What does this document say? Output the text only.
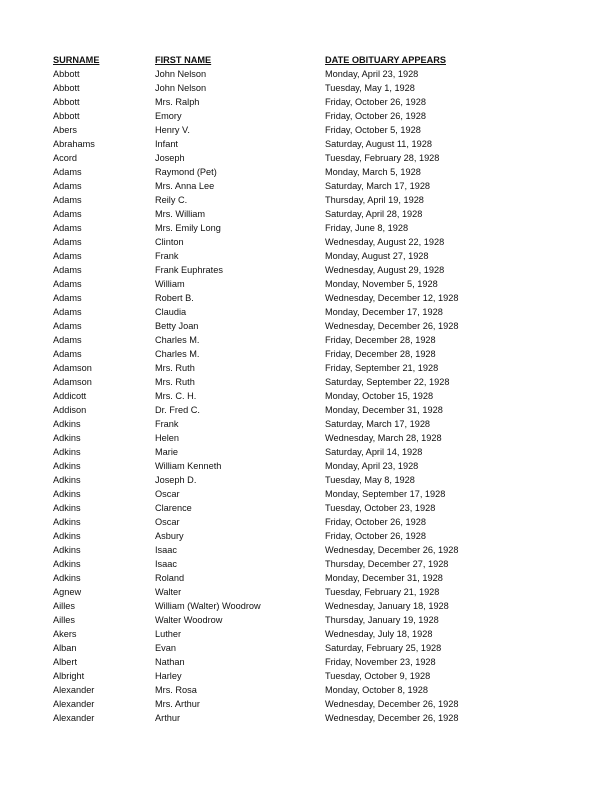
SURNAME	FIRST NAME	DATE OBITUARY APPEARS
Abbott	John Nelson	Monday, April 23, 1928
Abbott	John Nelson	Tuesday, May 1, 1928
Abbott	Mrs. Ralph	Friday, October 26, 1928
Abbott	Emory	Friday, October 26, 1928
Abers	Henry V.	Friday, October 5, 1928
Abrahams	Infant	Saturday, August 11, 1928
Acord	Joseph	Tuesday, February 28, 1928
Adams	Raymond (Pet)	Monday, March 5, 1928
Adams	Mrs. Anna Lee	Saturday, March 17, 1928
Adams	Reily C.	Thursday, April 19, 1928
Adams	Mrs. William	Saturday, April 28, 1928
Adams	Mrs. Emily Long	Friday, June 8, 1928
Adams	Clinton	Wednesday, August 22, 1928
Adams	Frank	Monday, August 27, 1928
Adams	Frank Euphrates	Wednesday, August 29, 1928
Adams	William	Monday, November 5, 1928
Adams	Robert B.	Wednesday, December 12, 1928
Adams	Claudia	Monday, December 17, 1928
Adams	Betty Joan	Wednesday, December 26, 1928
Adams	Charles M.	Friday, December 28, 1928
Adams	Charles M.	Friday, December 28, 1928
Adamson	Mrs. Ruth	Friday, September 21, 1928
Adamson	Mrs. Ruth	Saturday, September 22, 1928
Addicott	Mrs. C. H.	Monday, October 15, 1928
Addison	Dr. Fred C.	Monday, December 31, 1928
Adkins	Frank	Saturday, March 17, 1928
Adkins	Helen	Wednesday, March 28, 1928
Adkins	Marie	Saturday, April 14, 1928
Adkins	William Kenneth	Monday, April 23, 1928
Adkins	Joseph D.	Tuesday, May 8, 1928
Adkins	Oscar	Monday, September 17, 1928
Adkins	Clarence	Tuesday, October 23, 1928
Adkins	Oscar	Friday, October 26, 1928
Adkins	Asbury	Friday, October 26, 1928
Adkins	Isaac	Wednesday, December 26, 1928
Adkins	Isaac	Thursday, December 27, 1928
Adkins	Roland	Monday, December 31, 1928
Agnew	Walter	Tuesday, February 21, 1928
Ailles	William (Walter) Woodrow	Wednesday, January 18, 1928
Ailles	Walter Woodrow	Thursday, January 19, 1928
Akers	Luther	Wednesday, July 18, 1928
Alban	Evan	Saturday, February 25, 1928
Albert	Nathan	Friday, November 23, 1928
Albright	Harley	Tuesday, October 9, 1928
Alexander	Mrs. Rosa	Monday, October 8, 1928
Alexander	Mrs. Arthur	Wednesday, December 26, 1928
Alexander	Arthur	Wednesday, December 26, 1928
